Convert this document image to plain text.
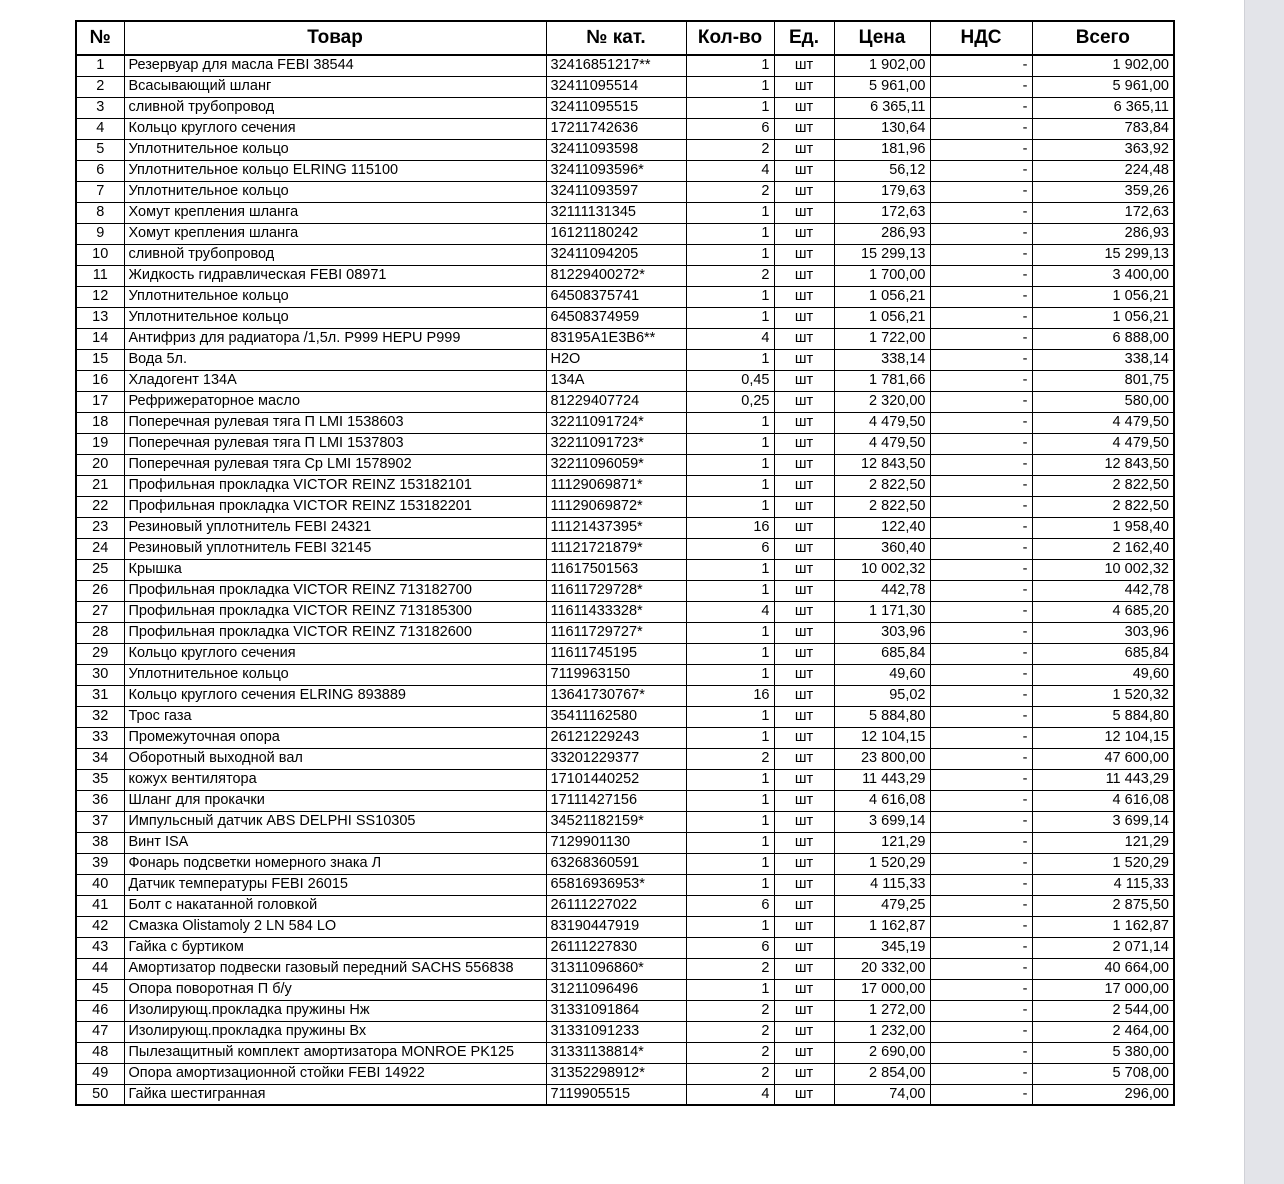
№	Товар	№ кат.	Кол-во	Ед.	Цена	НДС	Всего
1	Резервуар для масла FEBI 38544	32416851217**	1	шт	1 902,00	-	1 902,00
2	Всасывающий шланг	32411095514	1	шт	5 961,00	-	5 961,00
3	сливной трубопровод	32411095515	1	шт	6 365,11	-	6 365,11
4	Кольцо круглого сечения	17211742636	6	шт	130,64	-	783,84
5	Уплотнительное кольцо	32411093598	2	шт	181,96	-	363,92
6	Уплотнительное кольцо ELRING 115100	32411093596*	4	шт	56,12	-	224,48
7	Уплотнительное кольцо	32411093597	2	шт	179,63	-	359,26
8	Хомут крепления шланга	32111131345	1	шт	172,63	-	172,63
9	Хомут крепления шланга	16121180242	1	шт	286,93	-	286,93
10	сливной трубопровод	32411094205	1	шт	15 299,13	-	15 299,13
11	Жидкость гидравлическая FEBI 08971	81229400272*	2	шт	1 700,00	-	3 400,00
12	Уплотнительное кольцо	64508375741	1	шт	1 056,21	-	1 056,21
13	Уплотнительное кольцо	64508374959	1	шт	1 056,21	-	1 056,21
14	Антифриз для радиатора /1,5л. P999 HEPU P999	83195A1E3B6**	4	шт	1 722,00	-	6 888,00
15	Вода 5л.	H2O	1	шт	338,14	-	338,14
16	Хладогент 134А	134A	0,45	шт	1 781,66	-	801,75
17	Рефрижераторное масло	81229407724	0,25	шт	2 320,00	-	580,00
18	Поперечная рулевая тяга П LMI 1538603	32211091724*	1	шт	4 479,50	-	4 479,50
19	Поперечная рулевая тяга П LMI 1537803	32211091723*	1	шт	4 479,50	-	4 479,50
20	Поперечная рулевая тяга Ср LMI 1578902	32211096059*	1	шт	12 843,50	-	12 843,50
21	Профильная прокладка VICTOR REINZ 153182101	11129069871*	1	шт	2 822,50	-	2 822,50
22	Профильная прокладка VICTOR REINZ 153182201	11129069872*	1	шт	2 822,50	-	2 822,50
23	Резиновый уплотнитель FEBI 24321	11121437395*	16	шт	122,40	-	1 958,40
24	Резиновый уплотнитель FEBI 32145	11121721879*	6	шт	360,40	-	2 162,40
25	Крышка	11617501563	1	шт	10 002,32	-	10 002,32
26	Профильная прокладка VICTOR REINZ 713182700	11611729728*	1	шт	442,78	-	442,78
27	Профильная прокладка VICTOR REINZ 713185300	11611433328*	4	шт	1 171,30	-	4 685,20
28	Профильная прокладка VICTOR REINZ 713182600	11611729727*	1	шт	303,96	-	303,96
29	Кольцо круглого сечения	11611745195	1	шт	685,84	-	685,84
30	Уплотнительное кольцо	7119963150	1	шт	49,60	-	49,60
31	Кольцо круглого сечения ELRING 893889	13641730767*	16	шт	95,02	-	1 520,32
32	Трос газа	35411162580	1	шт	5 884,80	-	5 884,80
33	Промежуточная опора	26121229243	1	шт	12 104,15	-	12 104,15
34	Оборотный выходной вал	33201229377	2	шт	23 800,00	-	47 600,00
35	кожух вентилятора	17101440252	1	шт	11 443,29	-	11 443,29
36	Шланг для прокачки	17111427156	1	шт	4 616,08	-	4 616,08
37	Импульсный датчик ABS DELPHI SS10305	34521182159*	1	шт	3 699,14	-	3 699,14
38	Винт ISA	7129901130	1	шт	121,29	-	121,29
39	Фонарь подсветки номерного знака Л	63268360591	1	шт	1 520,29	-	1 520,29
40	Датчик температуры FEBI 26015	65816936953*	1	шт	4 115,33	-	4 115,33
41	Болт с накатанной головкой	26111227022	6	шт	479,25	-	2 875,50
42	Смазка Olistamoly 2 LN 584 LO	83190447919	1	шт	1 162,87	-	1 162,87
43	Гайка с буртиком	26111227830	6	шт	345,19	-	2 071,14
44	Амортизатор подвески газовый передний SACHS 556838	31311096860*	2	шт	20 332,00	-	40 664,00
45	Опора поворотная П б/у	31211096496	1	шт	17 000,00	-	17 000,00
46	Изолирующ.прокладка пружины Нж	31331091864	2	шт	1 272,00	-	2 544,00
47	Изолирующ.прокладка пружины Вх	31331091233	2	шт	1 232,00	-	2 464,00
48	Пылезащитный комплект амортизатора MONROE PK125	31331138814*	2	шт	2 690,00	-	5 380,00
49	Опора амортизационной стойки FEBI 14922	31352298912*	2	шт	2 854,00	-	5 708,00
50	Гайка шестигранная	7119905515	4	шт	74,00	-	296,00
